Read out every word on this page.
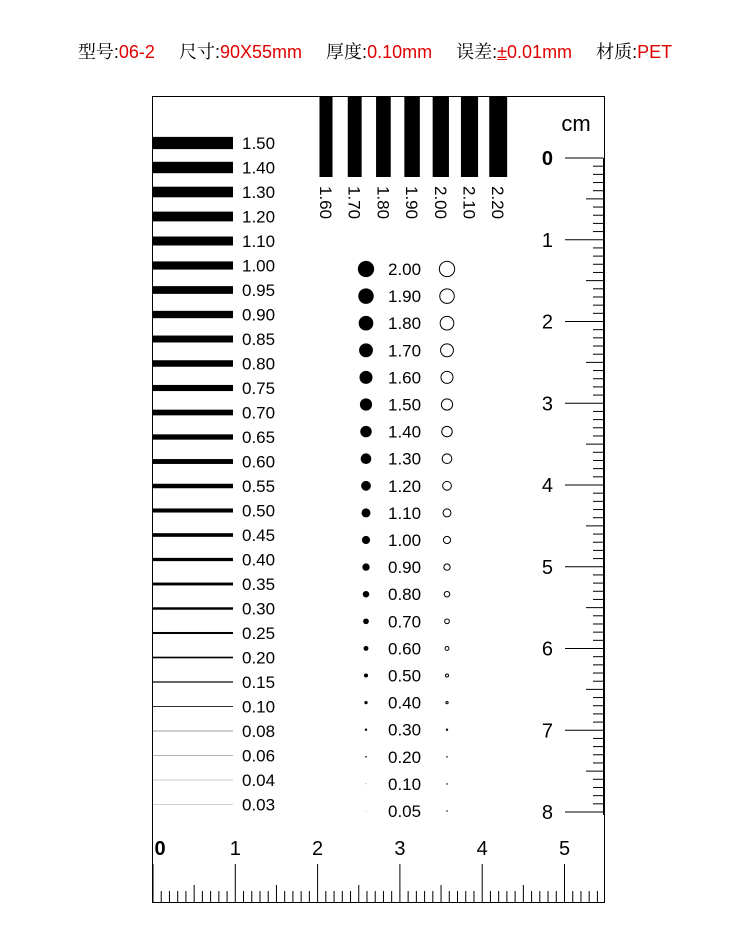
型号:06-2 尺寸:90X55mm 厚度:0.10mm 误差:±0.01mm 材质:PET
cm
1.50
1.40
1.30
1.20
1.10
1.00
0.95
0.90
0.85
0.80
0.75
0.70
0.65
0.60
0.55
0.50
0.45
0.40
0.35
0.30
0.25
0.20
0.15
0.10
0.08
0.06
0.04
0.03
1.60 1.70 1.80 1.90 2.00 2.10 2.20
2.00
1.90
1.80
1.70
1.60
1.50
1.40
1.30
1.20
1.10
1.00
0.90
0.80
0.70
0.60
0.50
0.40
0.30
0.20
0.10
0.05
0
1
2
3
4
5
6
7
8
0	1	2	3	4	5
